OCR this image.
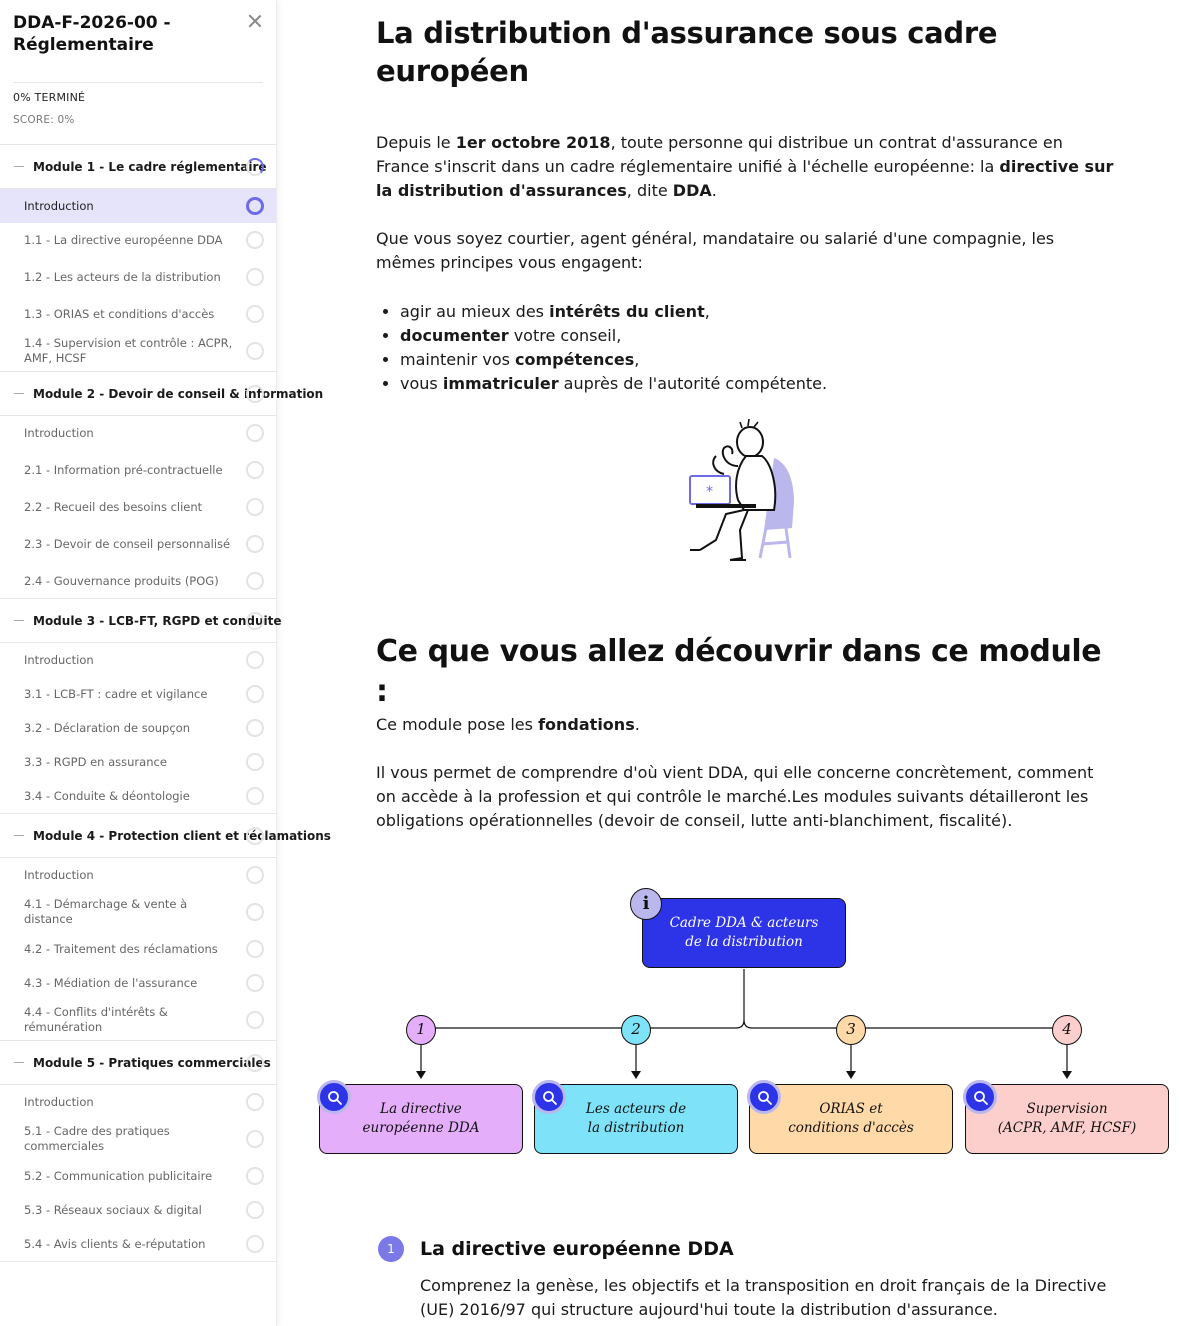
DDA-F-2026-00 - Réglementaire
0% TERMINÉ
SCORE: 0%
Module 1 - Le cadre réglementaire
Introduction
1.1 - La directive européenne DDA
1.2 - Les acteurs de la distribution
1.3 - ORIAS et conditions d'accès
1.4 - Supervision et contrôle : ACPR, AMF, HCSF
Module 2 - Devoir de conseil & information
Introduction
2.1 - Information pré-contractuelle
2.2 - Recueil des besoins client
2.3 - Devoir de conseil personnalisé
2.4 - Gouvernance produits (POG)
Module 3 - LCB-FT, RGPD et conduite
Introduction
3.1 - LCB-FT : cadre et vigilance
3.2 - Déclaration de soupçon
3.3 - RGPD en assurance
3.4 - Conduite & déontologie
Module 4 - Protection client et réclamations
Introduction
4.1 - Démarchage & vente à distance
4.2 - Traitement des réclamations
4.3 - Médiation de l'assurance
4.4 - Conflits d'intérêts & rémunération
Module 5 - Pratiques commerciales
Introduction
5.1 - Cadre des pratiques commerciales
5.2 - Communication publicitaire
5.3 - Réseaux sociaux & digital
5.4 - Avis clients & e-réputation
La distribution d'assurance sous cadre européen

Depuis le 1er octobre 2018, toute personne qui distribue un contrat d'assurance en France s'inscrit dans un cadre réglementaire unifié à l'échelle européenne: la directive sur la distribution d'assurances, dite DDA.

Que vous soyez courtier, agent général, mandataire ou salarié d'une compagnie, les mêmes principes vous engagent:

• agir au mieux des intérêts du client,
• documenter votre conseil,
• maintenir vos compétences,
• vous immatriculer auprès de l'autorité compétente.
*
Ce que vous allez découvrir dans ce module :

Ce module pose les fondations.

Il vous permet de comprendre d'où vient DDA, qui elle concerne concrètement, comment on accède à la profession et qui contrôle le marché.Les modules suivants détailleront les obligations opérationnelles (devoir de conseil, lutte anti-blanchiment, fiscalité).

Cadre DDA & acteurs
de la distribution
i
1
La directive
européenne DDA
2
Les acteurs de
la distribution
3
ORIAS et
conditions d'accès
4
Supervision
(ACPR, AMF, HCSF)
1	La directive européenne DDA
Comprenez la genèse, les objectifs et la transposition en droit français de la Directive (UE) 2016/97 qui structure aujourd'hui toute la distribution d'assurance.
